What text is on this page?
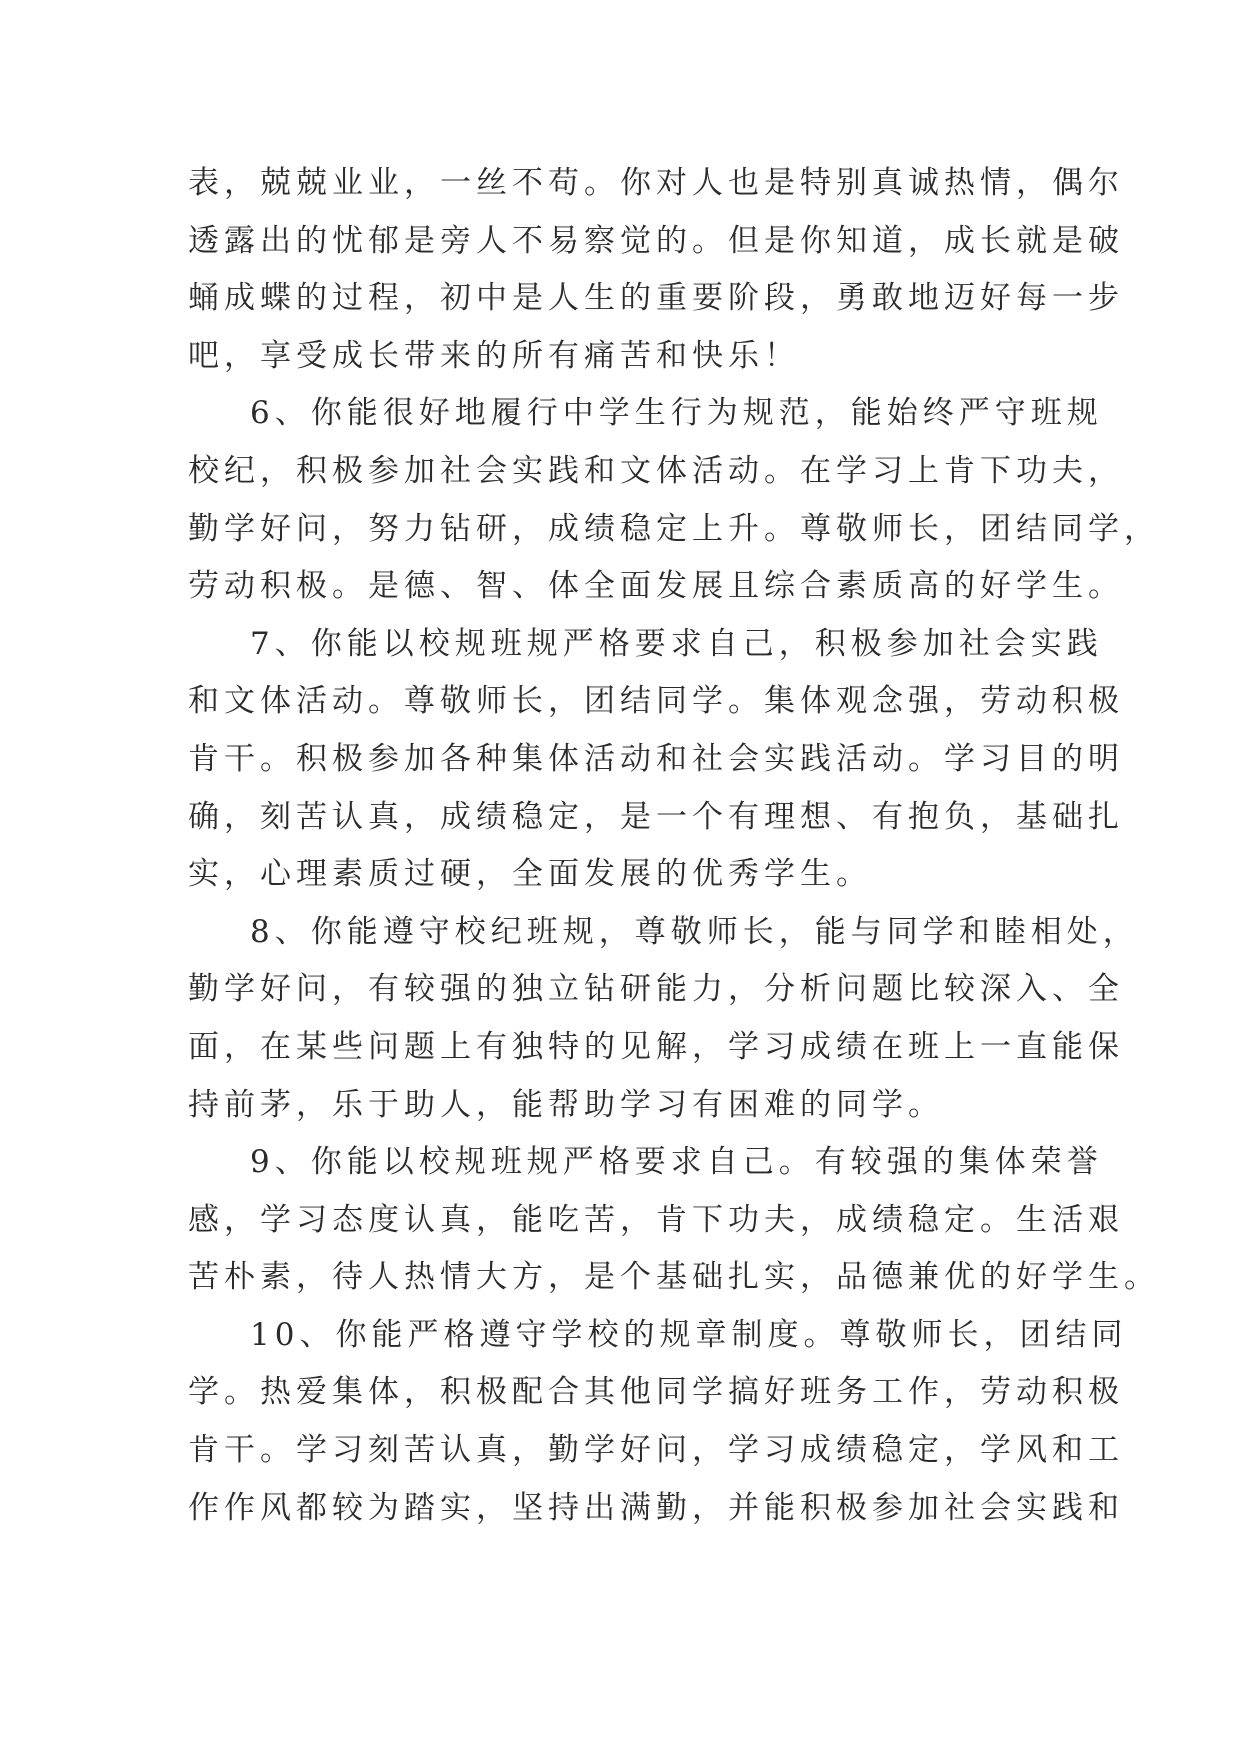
表，兢兢业业，一丝不苟。你对人也是特别真诚热情，偶尔
透露出的忧郁是旁人不易察觉的。但是你知道，成长就是破
蛹成蝶的过程，初中是人生的重要阶段，勇敢地迈好每一步
吧，享受成长带来的所有痛苦和快乐！
6、你能很好地履行中学生行为规范，能始终严守班规
校纪，积极参加社会实践和文体活动。在学习上肯下功夫，
勤学好问，努力钻研，成绩稳定上升。尊敬师长，团结同学，
劳动积极。是德、智、体全面发展且综合素质高的好学生。
7、你能以校规班规严格要求自己，积极参加社会实践
和文体活动。尊敬师长，团结同学。集体观念强，劳动积极
肯干。积极参加各种集体活动和社会实践活动。学习目的明
确，刻苦认真，成绩稳定，是一个有理想、有抱负，基础扎
实，心理素质过硬，全面发展的优秀学生。
8、你能遵守校纪班规，尊敬师长，能与同学和睦相处，
勤学好问，有较强的独立钻研能力，分析问题比较深入、全
面，在某些问题上有独特的见解，学习成绩在班上一直能保
持前茅，乐于助人，能帮助学习有困难的同学。
9、你能以校规班规严格要求自己。有较强的集体荣誉
感，学习态度认真，能吃苦，肯下功夫，成绩稳定。生活艰
苦朴素，待人热情大方，是个基础扎实，品德兼优的好学生。
10、你能严格遵守学校的规章制度。尊敬师长，团结同
学。热爱集体，积极配合其他同学搞好班务工作，劳动积极
肯干。学习刻苦认真，勤学好问，学习成绩稳定，学风和工
作作风都较为踏实，坚持出满勤，并能积极参加社会实践和
